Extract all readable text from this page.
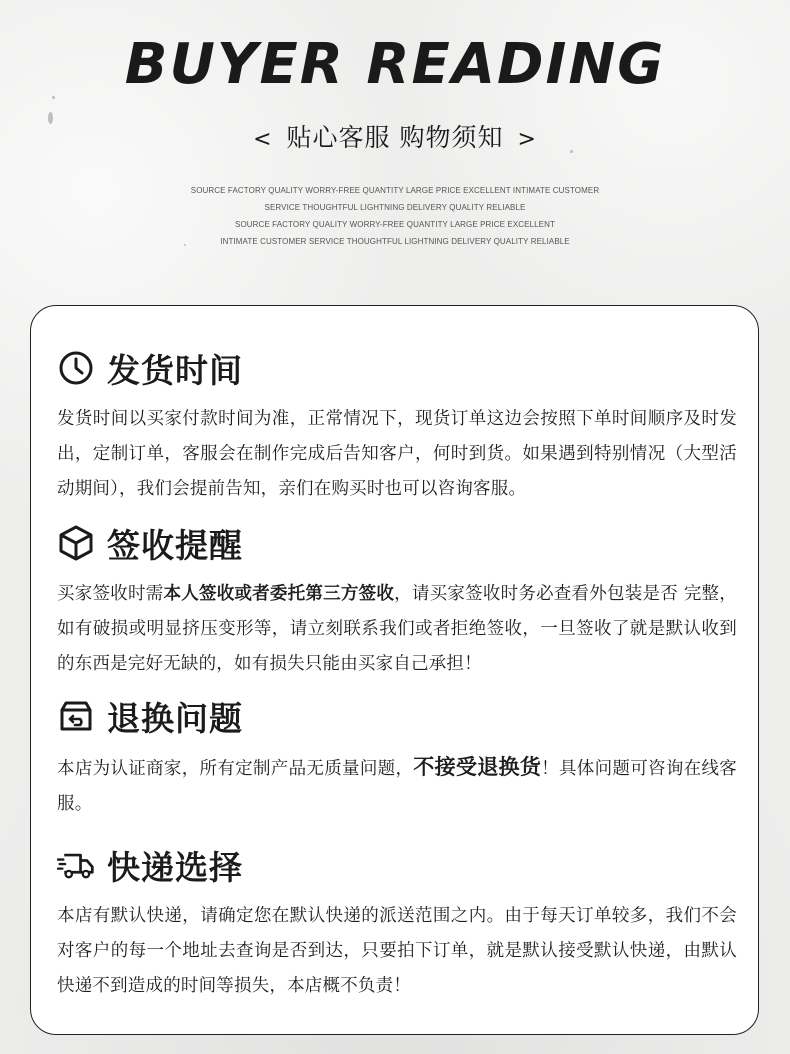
BUYER READING
< 贴心客服 购物须知 >
SOURCE FACTORY QUALITY WORRY-FREE QUANTITY LARGE PRICE EXCELLENT INTIMATE CUSTOMER
SERVICE THOUGHTFUL LIGHTNING DELIVERY QUALITY RELIABLE
SOURCE FACTORY QUALITY WORRY-FREE QUANTITY LARGE PRICE EXCELLENT
INTIMATE CUSTOMER SERVICE THOUGHTFUL LIGHTNING DELIVERY QUALITY RELIABLE
发货时间
发货时间以买家付款时间为准，正常情况下，现货订单这边会按照下单时间顺序及时发出，定制订单，客服会在制作完成后告知客户，何时到货。如果遇到特别情况（大型活动期间），我们会提前告知，亲们在购买时也可以咨询客服。
签收提醒
买家签收时需本人签收或者委托第三方签收，请买家签收时务必查看外包装是否 完整，如有破损或明显挤压变形等，请立刻联系我们或者拒绝签收，一旦签收了就是默认收到的东西是完好无缺的，如有损失只能由买家自己承担！
退换问题
本店为认证商家，所有定制产品无质量问题，不接受退换货！具体问题可咨询在线客服。
快递选择
本店有默认快递，请确定您在默认快递的派送范围之内。由于每天订单较多，我们不会对客户的每一个地址去查询是否到达，只要拍下订单，就是默认接受默认快递，由默认快递不到造成的时间等损失，本店概不负责！
